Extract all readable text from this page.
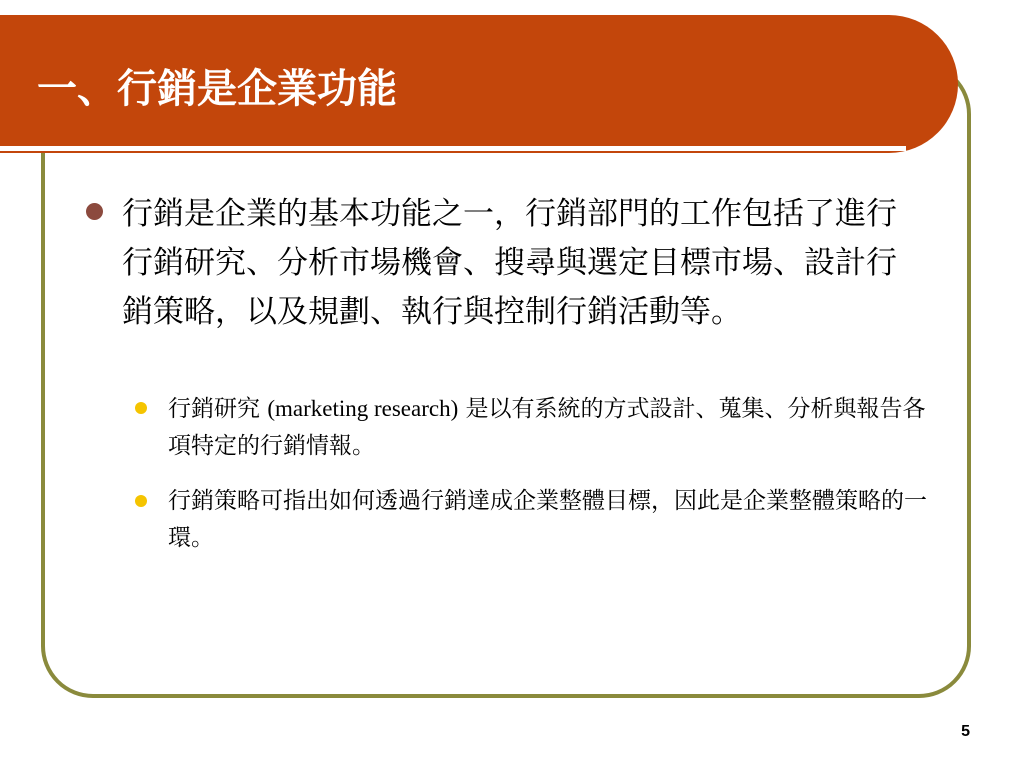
一、行銷是企業功能
行銷是企業的基本功能之一，行銷部門的工作包括了進行行銷研究、分析市場機會、搜尋與選定目標市場、設計行銷策略，以及規劃、執行與控制行銷活動等。
行銷研究 (marketing research) 是以有系統的方式設計、蒐集、分析與報告各項特定的行銷情報。
行銷策略可指出如何透過行銷達成企業整體目標，因此是企業整體策略的一環。
5
